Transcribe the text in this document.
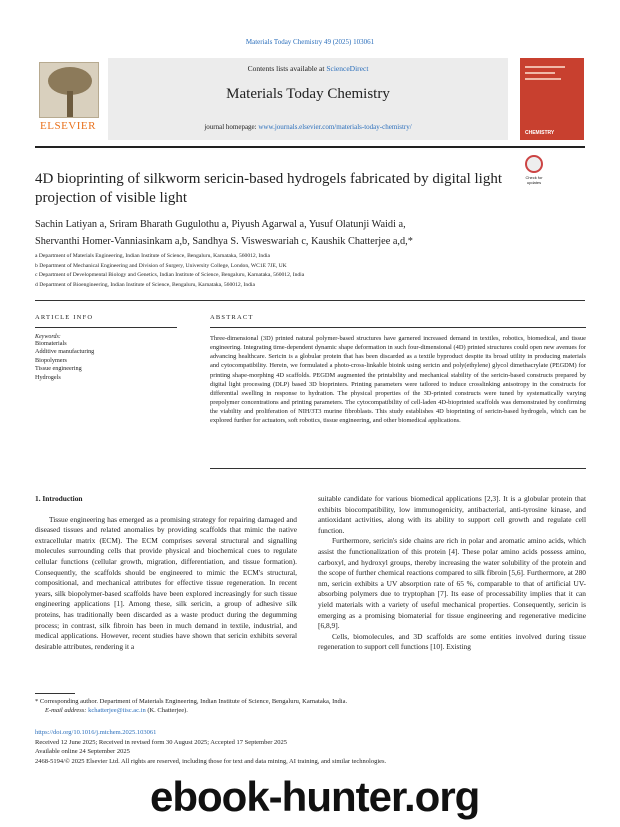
Materials Today Chemistry 49 (2025) 103061
ELSEVIER
Contents lists available at ScienceDirect
Materials Today Chemistry
journal homepage: www.journals.elsevier.com/materials-today-chemistry/
CHEMISTRY
4D bioprinting of silkworm sericin-based hydrogels fabricated by digital light projection of visible light
Check for updates
Sachin Latiyan a, Sriram Bharath Gugulothu a, Piyush Agarwal a, Yusuf Olatunji Waidi a,
Shervanthi Homer-Vanniasinkam a,b, Sandhya S. Visweswariah c, Kaushik Chatterjee a,d,*
a Department of Materials Engineering, Indian Institute of Science, Bengaluru, Karnataka, 560012, India
b Department of Mechanical Engineering and Division of Surgery, University College, London, WC1E 7JE, UK
c Department of Developmental Biology and Genetics, Indian Institute of Science, Bengaluru, Karnataka, 560012, India
d Department of Bioengineering, Indian Institute of Science, Bengaluru, Karnataka, 560012, India
ARTICLE INFO	ABSTRACT
Keywords:
Biomaterials
Additive manufacturing
Biopolymers
Tissue engineering
Hydrogels
Three-dimensional (3D) printed natural polymer-based structures have garnered increased demand in textiles, robotics, biomedical, and tissue engineering. Integrating time-dependent dynamic shape deformation in such four-dimensional (4D) printed structures could open new avenues for advancing healthcare. Sericin is a globular protein that has been discarded as a textile byproduct despite its broad utility in producing materials and cytocompatibility. Herein, we formulated a photo-cross-linkable bioink using sericin and poly(ethylene) glycol dimethacrylate (PEGDM) for printing shape-morphing 4D scaffolds. PEGDM augmented the printability and mechanical stability of the sericin-based constructs prepared by digital light processing (DLP) based 3D bioprinters. Printing parameters were tailored to induce crosslinking anisotropy in the constructs for differential swelling in response to hydration. The physical properties of the 3D-printed constructs were tuned by systematically varying prepolymer concentrations and printing parameters. The cytocompatibility of cell-laden 4D-bioprinted scaffolds was demonstrated by confirming the viability and proliferation of NIH/3T3 murine fibroblasts. This study establishes 4D bioprinting of sericin-based hydrogels, which can be explored further for actuators, soft robotics, tissue engineering, and other biomedical applications.
1. Introduction

Tissue engineering has emerged as a promising strategy for repairing damaged and diseased tissues and related anomalies by providing scaffolds that mimic the native extracellular matrix (ECM). The ECM comprises several structural and signalling molecules surrounding cells that provide physical and biochemical cues to regulate cellular functions (cellular growth, migration, differentiation, and tissue formation). Consequently, the scaffolds should be engineered to mimic the ECM's structural, compositional, and mechanical attributes for effective tissue regeneration. In recent years, silk biopolymer-based scaffolds have been explored increasingly for such tissue engineering applications [1]. Among these, silk sericin, a group of adhesive silk proteins, has traditionally been discarded as a waste product during the degumming process; in contrast, silk fibroin has been in much demand in textile, industrial, and medical applications. However, recent studies have shown that sericin exhibits several desirable attributes, rendering it a

suitable candidate for various biomedical applications [2,3]. It is a globular protein that exhibits biocompatibility, low immunogenicity, antibacterial, anti-tyrosine kinase, and antioxidant activities, along with its ability to support cell growth and regulate cell function.

Furthermore, sericin's side chains are rich in polar and aromatic amino acids, which assist the functionalization of this protein [4]. These polar amino acids possess amino, carboxyl, and hydroxyl groups, thereby increasing the water solubility of the protein and the scope of further chemical reactions compared to silk fibroin [5,6]. Furthermore, at 280 nm, sericin exhibits a UV absorption rate of 65 %, comparable to that of artificial UV-absorbing polymers due to tryptophan [7]. Its ease of processability implies that it can yield materials with a variety of useful mechanical properties. Consequently, sericin is emerging as a promising biomaterial for tissue engineering and regenerative medicine [6,8,9].

Cells, biomolecules, and 3D scaffolds are some entities involved during tissue regeneration to support cell functions [10]. Existing

* Corresponding author. Department of Materials Engineering, Indian Institute of Science, Bengaluru, Karnataka, India.
E-mail address: kchatterjee@iisc.ac.in (K. Chatterjee).
https://doi.org/10.1016/j.mtchem.2025.103061
Received 12 June 2025; Received in revised form 30 August 2025; Accepted 17 September 2025
Available online 24 September 2025
2468-5194/© 2025 Elsevier Ltd. All rights are reserved, including those for text and data mining, AI training, and similar technologies.
ebook-hunter.org
